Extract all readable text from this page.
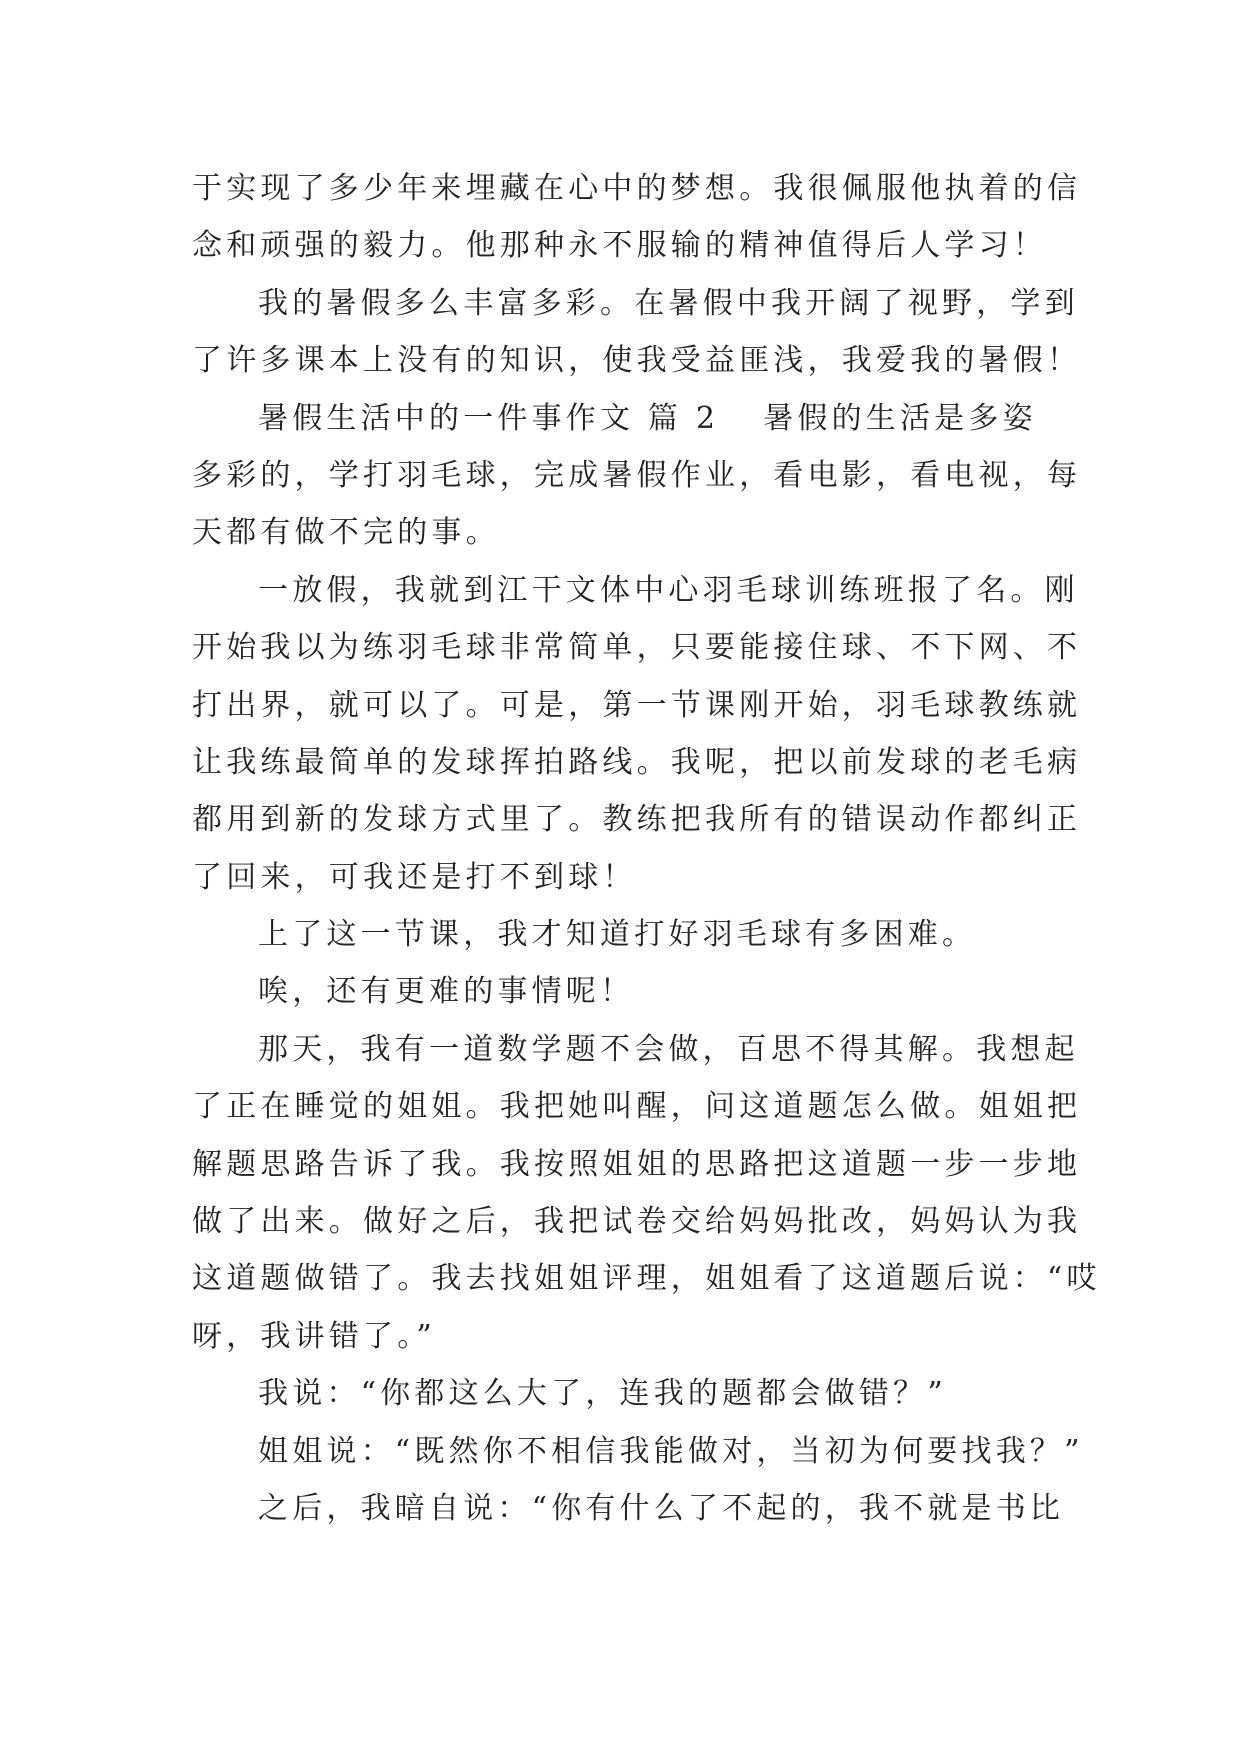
于实现了多少年来埋藏在心中的梦想。我很佩服他执着的信
念和顽强的毅力。他那种永不服输的精神值得后人学习！
我的暑假多么丰富多彩。在暑假中我开阔了视野，学到
了许多课本上没有的知识，使我受益匪浅，我爱我的暑假！
暑假生活中的一件事作文 篇 2 暑假的生活是多姿
多彩的，学打羽毛球，完成暑假作业，看电影，看电视，每
天都有做不完的事。
一放假，我就到江干文体中心羽毛球训练班报了名。刚
开始我以为练羽毛球非常简单，只要能接住球、不下网、不
打出界，就可以了。可是，第一节课刚开始，羽毛球教练就
让我练最简单的发球挥拍路线。我呢，把以前发球的老毛病
都用到新的发球方式里了。教练把我所有的错误动作都纠正
了回来，可我还是打不到球！
上了这一节课，我才知道打好羽毛球有多困难。
唉，还有更难的事情呢！
那天，我有一道数学题不会做，百思不得其解。我想起
了正在睡觉的姐姐。我把她叫醒，问这道题怎么做。姐姐把
解题思路告诉了我。我按照姐姐的思路把这道题一步一步地
做了出来。做好之后，我把试卷交给妈妈批改，妈妈认为我
这道题做错了。我去找姐姐评理，姐姐看了这道题后说：“哎
呀，我讲错了。”
我说：“你都这么大了，连我的题都会做错？”
姐姐说：“既然你不相信我能做对，当初为何要找我？”
之后，我暗自说：“你有什么了不起的，我不就是书比
